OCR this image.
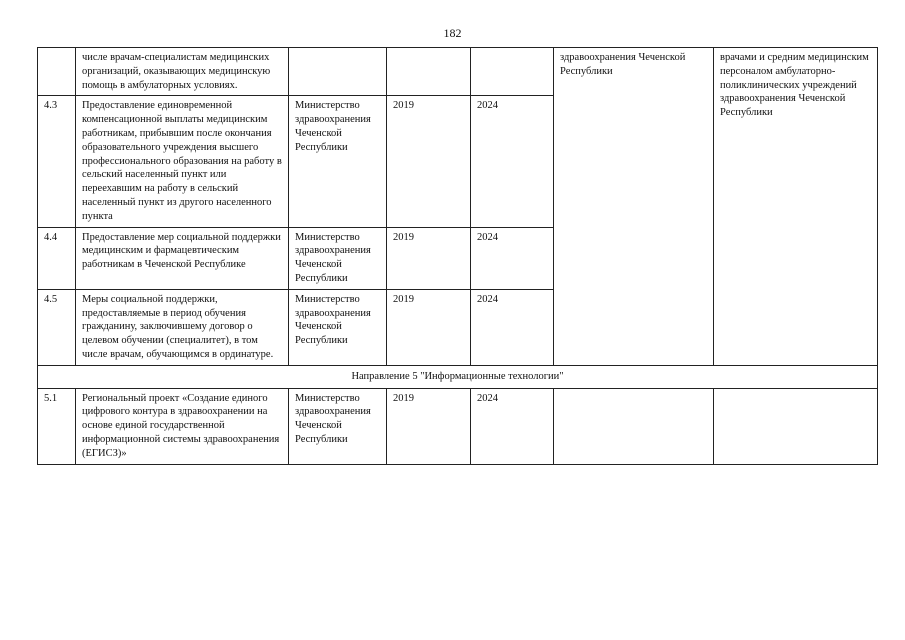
182
	числе врачам-специалистам медицинских организаций, оказывающих медицинскую помощь в амбулаторных условиях.				здравоохранения Чеченской Республики	врачами и средним медицинским персоналом амбулаторно-поликлинических учреждений здравоохранения Чеченской Республики
4.3	Предоставление единовременной компенсационной выплаты медицинским работникам, прибывшим после окончания образовательного учреждения высшего профессионального образования на работу в сельский населенный пункт или переехавшим на работу в сельский населенный пункт из другого населенного пункта	Министерство здравоохранения Чеченской Республики	2019	2024		
4.4	Предоставление мер социальной поддержки медицинским и фармацевтическим работникам в Чеченской Республике	Министерство здравоохранения Чеченской Республики	2019	2024		
4.5	Меры социальной поддержки, предоставляемые в период обучения гражданину, заключившему договор о целевом обучении (специалитет), в том числе врачам, обучающимся в ординатуре.	Министерство здравоохранения Чеченской Республики	2019	2024		
Направление 5 "Информационные технологии"						
5.1	Региональный проект «Создание единого цифрового контура в здравоохранении на основе единой государственной информационной системы здравоохранения (ЕГИСЗ)»	Министерство здравоохранения Чеченской Республики	2019	2024		
